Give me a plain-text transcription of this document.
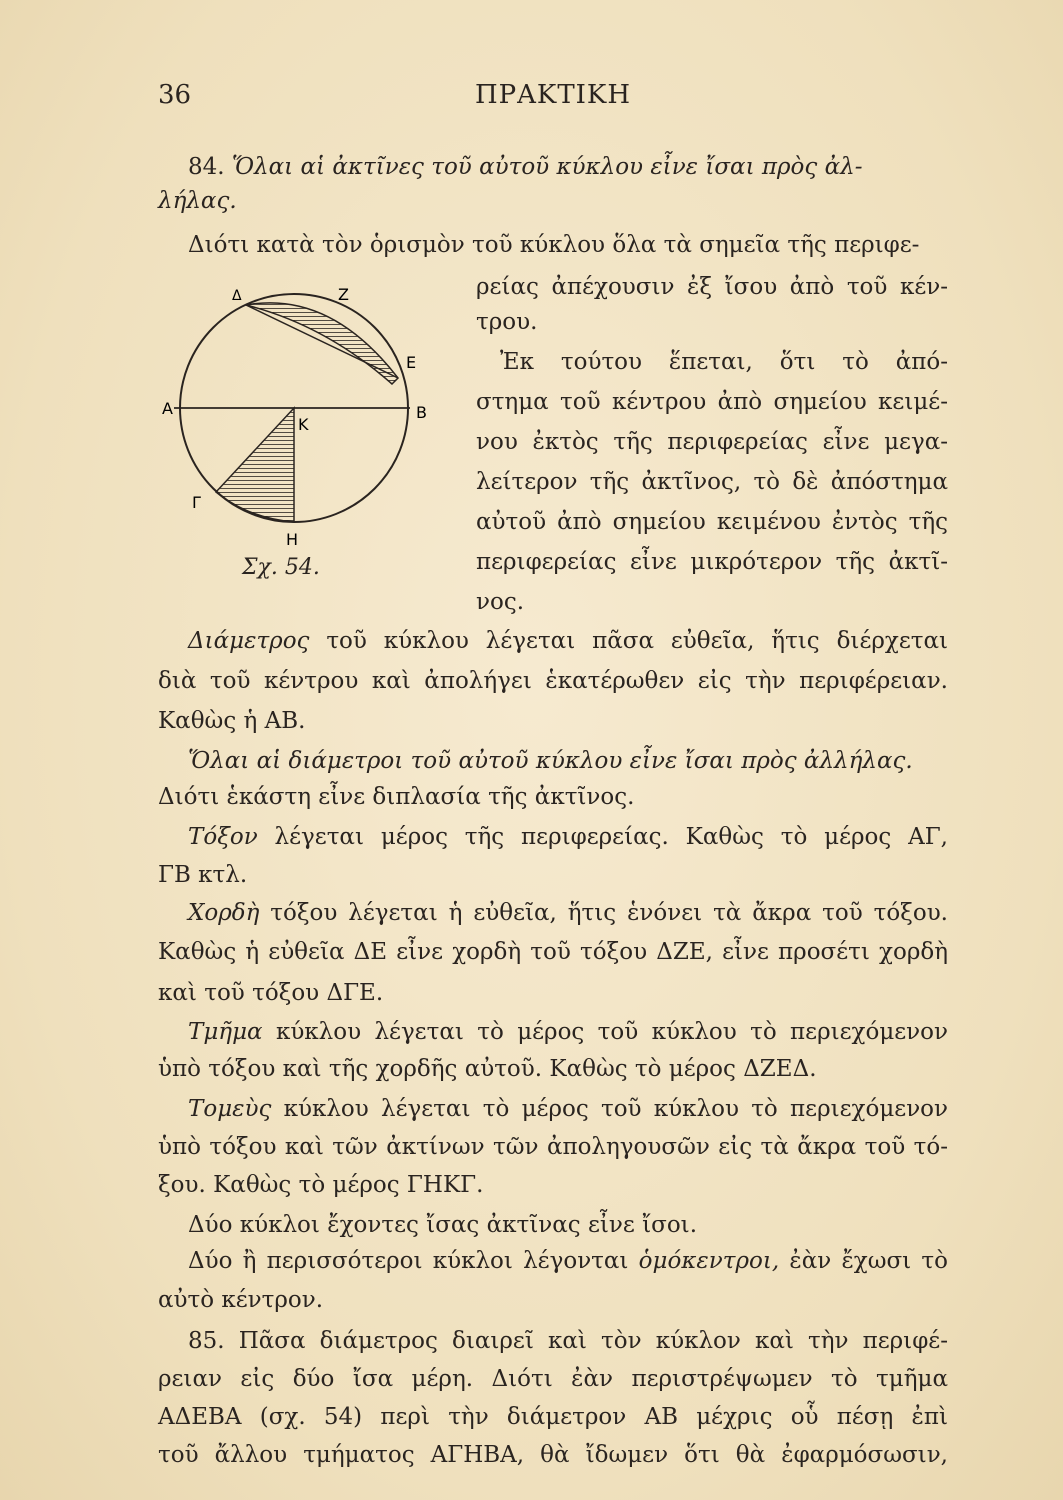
36	ΠΡΑΚΤΙΚΗ
84. Ὅλαι αἱ ἀκτῖνες τοῦ αὐτοῦ κύκλου εἶνε ἴσαι πρὸς ἀλ-
λήλας.
Διότι κατὰ τὸν ὁρισμὸν τοῦ κύκλου ὅλα τὰ σημεῖα τῆς περιφε-
Δ	Ζ
Ε
Α	Β
Κ
Γ
Η
Σχ. 54.
ρείας ἀπέχουσιν ἐξ ἴσου ἀπὸ τοῦ κέν-
τρου.
Ἐκ τούτου ἕπεται, ὅτι τὸ ἀπό-
στημα τοῦ κέντρου ἀπὸ σημείου κειμέ-
νου ἐκτὸς τῆς περιφερείας εἶνε μεγα-
λείτερον τῆς ἀκτῖνος, τὸ δὲ ἀπόστημα
αὐτοῦ ἀπὸ σημείου κειμένου ἐντὸς τῆς
περιφερείας εἶνε μικρότερον τῆς ἀκτῖ-
νος.
Διάμετρος τοῦ κύκλου λέγεται πᾶσα εὐθεῖα, ἥτις διέρχεται
διὰ τοῦ κέντρου καὶ ἀπολήγει ἑκατέρωθεν εἰς τὴν περιφέρειαν.
Καθὼς ἡ ΑΒ.
Ὅλαι αἱ διάμετροι τοῦ αὐτοῦ κύκλου εἶνε ἴσαι πρὸς ἀλλήλας.
Διότι ἑκάστη εἶνε διπλασία τῆς ἀκτῖνος.
Τόξον λέγεται μέρος τῆς περιφερείας. Καθὼς τὸ μέρος ΑΓ,
ΓΒ κτλ.
Χορδὴ τόξου λέγεται ἡ εὐθεῖα, ἥτις ἑνόνει τὰ ἄκρα τοῦ τόξου.
Καθὼς ἡ εὐθεῖα ΔΕ εἶνε χορδὴ τοῦ τόξου ΔΖΕ, εἶνε προσέτι χορδὴ
καὶ τοῦ τόξου ΔΓΕ.
Τμῆμα κύκλου λέγεται τὸ μέρος τοῦ κύκλου τὸ περιεχόμενον
ὑπὸ τόξου καὶ τῆς χορδῆς αὐτοῦ. Καθὼς τὸ μέρος ΔΖΕΔ.
Τομεὺς κύκλου λέγεται τὸ μέρος τοῦ κύκλου τὸ περιεχόμενον
ὑπὸ τόξου καὶ τῶν ἀκτίνων τῶν ἀποληγουσῶν εἰς τὰ ἄκρα τοῦ τό-
ξου. Καθὼς τὸ μέρος ΓΗΚΓ.
Δύο κύκλοι ἔχοντες ἴσας ἀκτῖνας εἶνε ἴσοι.
Δύο ἢ περισσότεροι κύκλοι λέγονται ὁμόκεντροι, ἐὰν ἔχωσι τὸ
αὐτὸ κέντρον.
85. Πᾶσα διάμετρος διαιρεῖ καὶ τὸν κύκλον καὶ τὴν περιφέ-
ρειαν εἰς δύο ἴσα μέρη. Διότι ἐὰν περιστρέψωμεν τὸ τμῆμα
ΑΔΕΒΑ (σχ. 54) περὶ τὴν διάμετρον ΑΒ μέχρις οὗ πέσῃ ἐπὶ
τοῦ ἄλλου τμήματος ΑΓΗΒΑ, θὰ ἴδωμεν ὅτι θὰ ἐφαρμόσωσιν,
